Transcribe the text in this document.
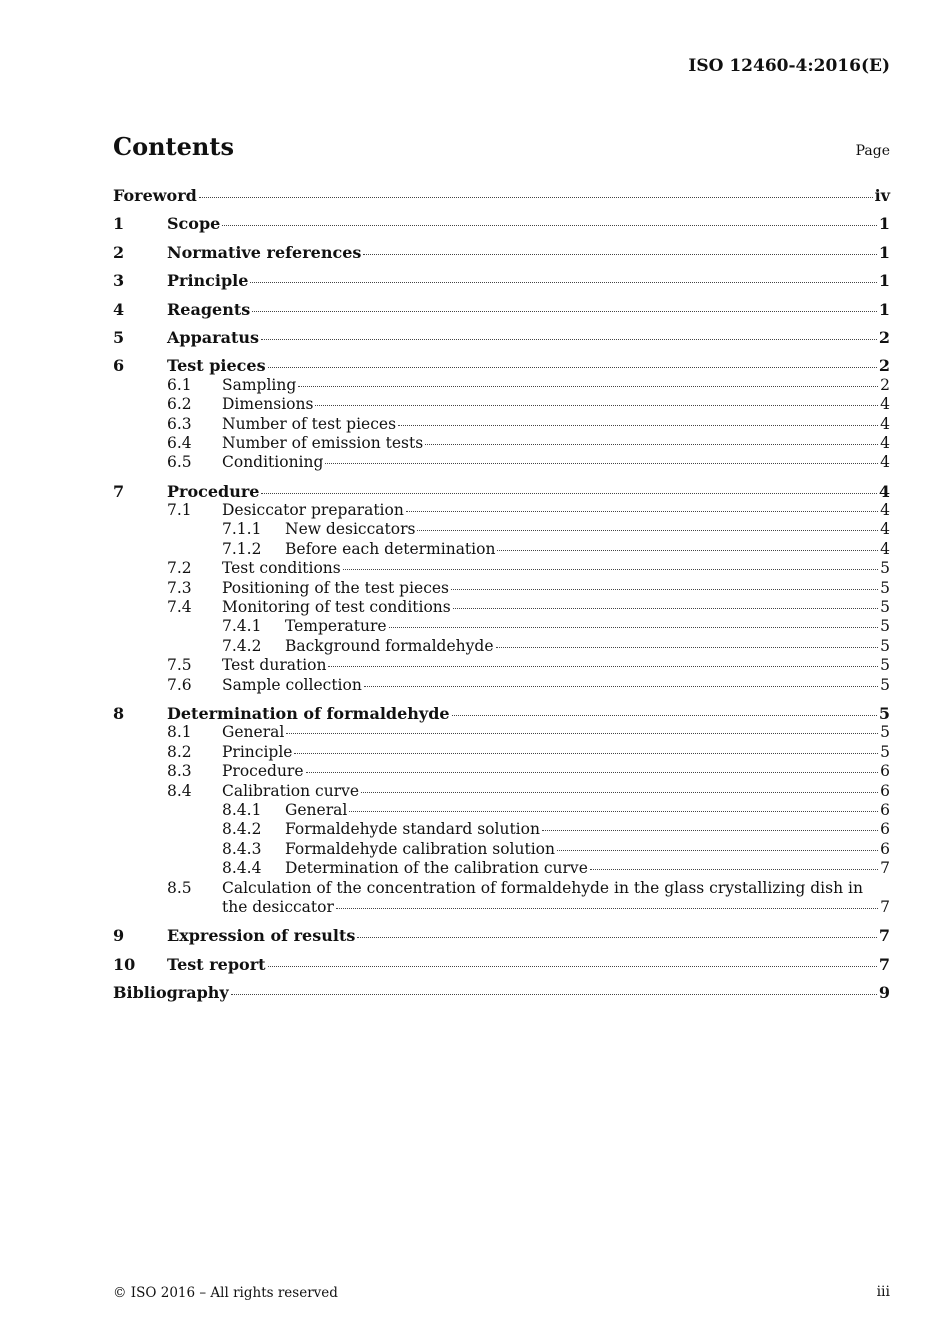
ISO 12460-4:2016(E)
Contents	Page
Foreword	iv
1	Scope	1
2	Normative references	1
3	Principle	1
4	Reagents	1
5	Apparatus	2
6	Test pieces	2
6.1	Sampling	2
6.2	Dimensions	4
6.3	Number of test pieces	4
6.4	Number of emission tests	4
6.5	Conditioning	4
7	Procedure	4
7.1	Desiccator preparation	4
7.1.1	New desiccators	4
7.1.2	Before each determination	4
7.2	Test conditions	5
7.3	Positioning of the test pieces	5
7.4	Monitoring of test conditions	5
7.4.1	Temperature	5
7.4.2	Background formaldehyde	5
7.5	Test duration	5
7.6	Sample collection	5
8	Determination of formaldehyde	5
8.1	General	5
8.2	Principle	5
8.3	Procedure	6
8.4	Calibration curve	6
8.4.1	General	6
8.4.2	Formaldehyde standard solution	6
8.4.3	Formaldehyde calibration solution	6
8.4.4	Determination of the calibration curve	7
8.5	Calculation of the concentration of formaldehyde in the glass crystallizing dish in
the desiccator	7
9	Expression of results	7
10	Test report	7
Bibliography	9
© ISO 2016 – All rights reserved	iii
